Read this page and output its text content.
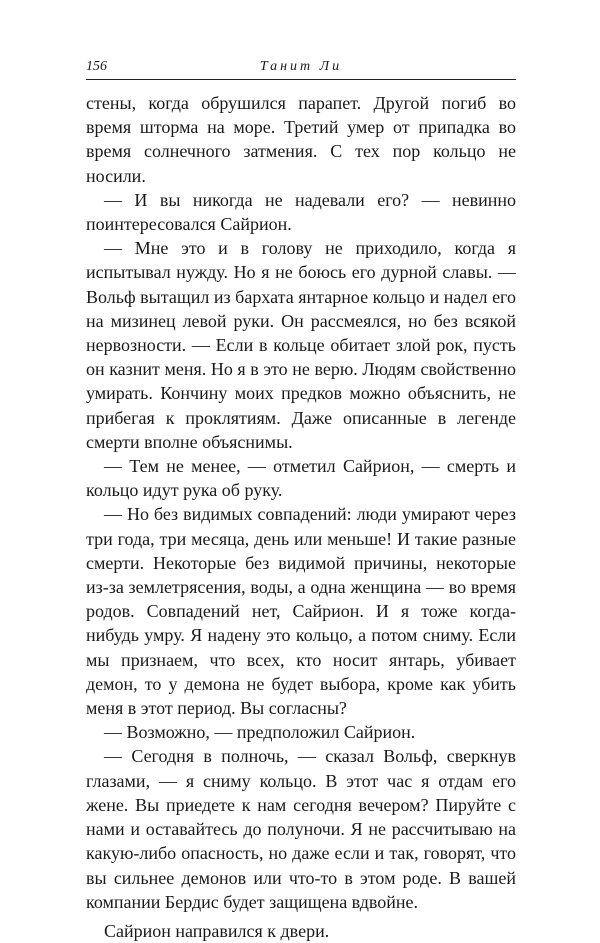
156	Танит Ли

стены, когда обрушился парапет. Другой погиб во время шторма на море. Третий умер от припадка во время солнечного затмения. С тех пор кольцо не носили.

— И вы никогда не надевали его? — невинно поинтересовался Сайрион.

— Мне это и в голову не приходило, когда я испытывал нужду. Но я не боюсь его дурной славы. — Вольф вытащил из бархата янтарное кольцо и надел его на мизинец левой руки. Он рассмеялся, но без всякой нервозности. — Если в кольце обитает злой рок, пусть он казнит меня. Но я в это не верю. Людям свойственно умирать. Кончину моих предков можно объяснить, не прибегая к проклятиям. Даже описанные в легенде смерти вполне объяснимы.

— Тем не менее, — отметил Сайрион, — смерть и кольцо идут рука об руку.

— Но без видимых совпадений: люди умирают через три года, три месяца, день или меньше! И такие разные смерти. Некоторые без видимой причины, некоторые из-за землетрясения, воды, а одна женщина — во время родов. Совпадений нет, Сайрион. И я тоже когда-нибудь умру. Я надену это кольцо, а потом сниму. Если мы признаем, что всех, кто носит янтарь, убивает демон, то у демона не будет выбора, кроме как убить меня в этот период. Вы согласны?

— Возможно, — предположил Сайрион.

— Сегодня в полночь, — сказал Вольф, сверкнув глазами, — я сниму кольцо. В этот час я отдам его жене. Вы приедете к нам сегодня вечером? Пируйте с нами и оставайтесь до полуночи. Я не рассчитываю на какую-либо опасность, но даже если и так, говорят, что вы сильнее демонов или что-то в этом роде. В вашей компании Бердис будет защищена вдвойне.

Сайрион направился к двери.
